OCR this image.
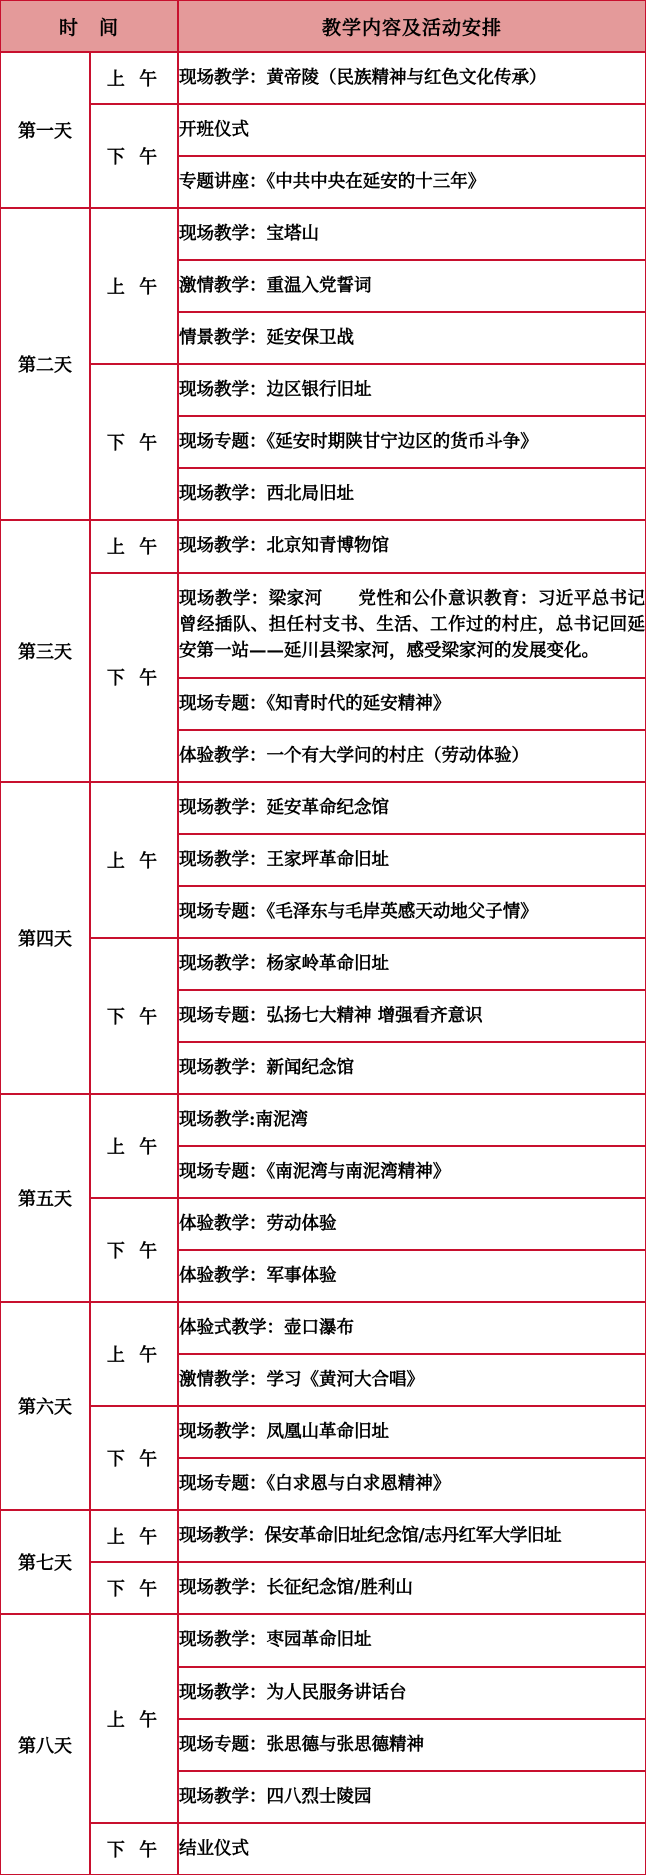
时　间		教学内容及活动安排
第一天	上 午	现场教学：黄帝陵（民族精神与红色文化传承）
	下 午	开班仪式
		专题讲座：《中共中央在延安的十三年》
第二天	上 午	现场教学：宝塔山
		激情教学：重温入党誓词
		情景教学：延安保卫战
	下 午	现场教学：边区银行旧址
		现场专题：《延安时期陕甘宁边区的货币斗争》
		现场教学：西北局旧址
第三天	上 午	现场教学：北京知青博物馆
	下 午	现场教学：梁家河　　党性和公仆意识教育：习近平总书记曾经插队、担任村支书、生活、工作过的村庄，总书记回延安第一站——延川县梁家河，感受梁家河的发展变化。
		现场专题：《知青时代的延安精神》
		体验教学：一个有大学问的村庄（劳动体验）
第四天	上 午	现场教学：延安革命纪念馆
		现场教学：王家坪革命旧址
		现场专题：《毛泽东与毛岸英感天动地父子情》
	下 午	现场教学：杨家岭革命旧址
		现场专题：弘扬七大精神 增强看齐意识
		现场教学：新闻纪念馆
第五天	上 午	现场教学:南泥湾
		现场专题：《南泥湾与南泥湾精神》
	下 午	体验教学：劳动体验
		体验教学：军事体验
第六天	上 午	体验式教学：壶口瀑布
		激情教学：学习《黄河大合唱》
	下 午	现场教学：凤凰山革命旧址
		现场专题：《白求恩与白求恩精神》
第七天	上 午	现场教学：保安革命旧址纪念馆/志丹红军大学旧址
	下 午	现场教学：长征纪念馆/胜利山
第八天	上 午	现场教学：枣园革命旧址
		现场教学：为人民服务讲话台
		现场专题：张思德与张思德精神
		现场教学：四八烈士陵园
	下 午	结业仪式
